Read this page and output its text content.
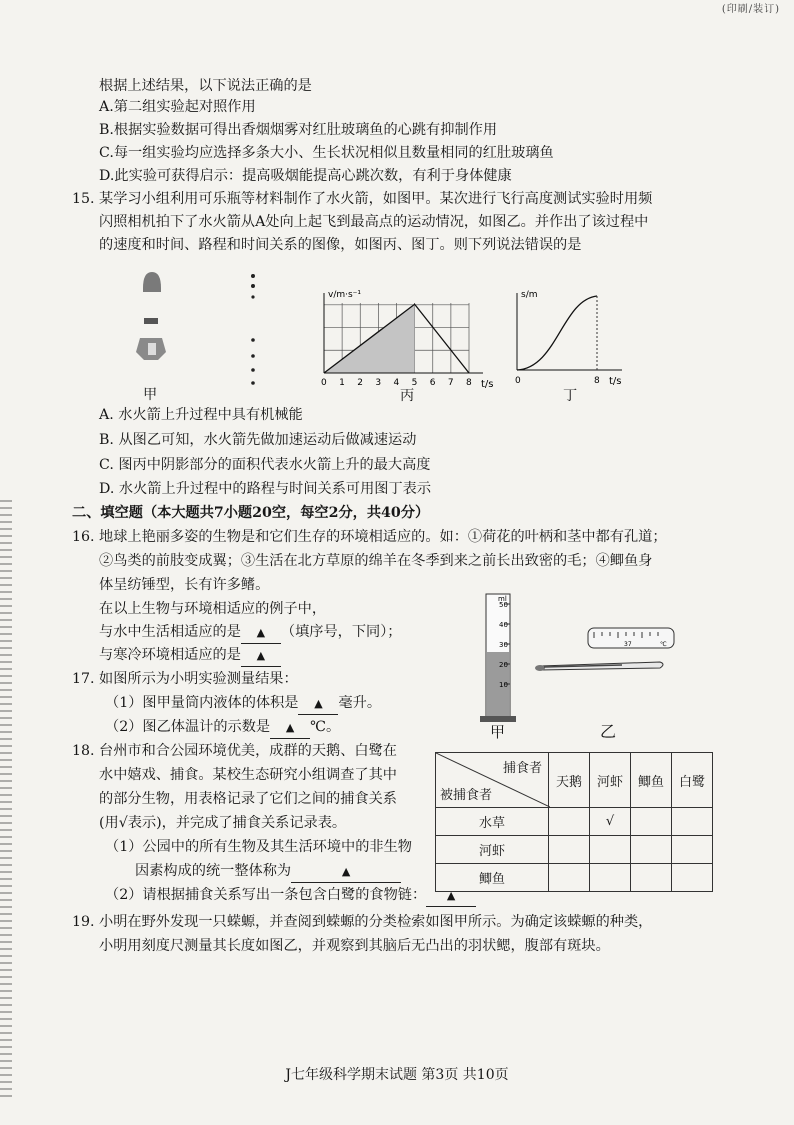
(印刷/装订)
根据上述结果，以下说法正确的是
A.第二组实验起对照作用
B.根据实验数据可得出香烟烟雾对红肚玻璃鱼的心跳有抑制作用
C.每一组实验均应选择多条大小、生长状况相似且数量相同的红肚玻璃鱼
D.此实验可获得启示：提高吸烟能提高心跳次数，有利于身体健康
15. 某学习小组利用可乐瓶等材料制作了水火箭，如图甲。某次进行飞行高度测试实验时用频
闪照相机拍下了水火箭从A处向上起飞到最高点的运动情况，如图乙。并作出了该过程中
的速度和时间、路程和时间关系的图像，如图丙、图丁。则下列说法错误的是
甲
0 1 2 3 4 5 6 7 8
v/m·s⁻¹
t/s
丙
0	8
s/m
t/s
丁
A. 水火箭上升过程中具有机械能
B. 从图乙可知，水火箭先做加速运动后做减速运动
C. 图丙中阴影部分的面积代表水火箭上升的最大高度
D. 水火箭上升过程中的路程与时间关系可用图丁表示
二、填空题（本大题共7小题20空，每空2分，共40分）
16. 地球上艳丽多姿的生物是和它们生存的环境相适应的。如：①荷花的叶柄和茎中都有孔道；
②鸟类的前肢变成翼；③生活在北方草原的绵羊在冬季到来之前长出致密的毛；④鲫鱼身
体呈纺锤型，长有许多鳍。
在以上生物与环境相适应的例子中，
与水中生活相适应的是 ▲ （填序号，下同）；
与寒冷环境相适应的是 ▲
17. 如图所示为小明实验测量结果：
（1）图甲量筒内液体的体积是 ▲ 毫升。
（2）图乙体温计的示数是 ▲ ℃。
ml
50
40
30
20
10
甲
37	℃
乙
18. 台州市和合公园环境优美，成群的天鹅、白鹭在
水中嬉戏、捕食。某校生态研究小组调查了其中
的部分生物，用表格记录了它们之间的捕食关系
(用√表示)，并完成了捕食关系记录表。
（1）公园中的所有生物及其生活环境中的非生物
因素构成的统一整体称为	▲
（2）请根据捕食关系写出一条包含白鹭的食物链： ▲
捕食者
被捕食者	天鹅	河虾	鲫鱼	白鹭
水草		√		
河虾				
鲫鱼				
19. 小明在野外发现一只蝾螈，并查阅到蝾螈的分类检索如图甲所示。为确定该蝾螈的种类，
小明用刻度尺测量其长度如图乙，并观察到其脑后无凸出的羽状鳃，腹部有斑块。
J七年级科学期末试题 第3页 共10页
